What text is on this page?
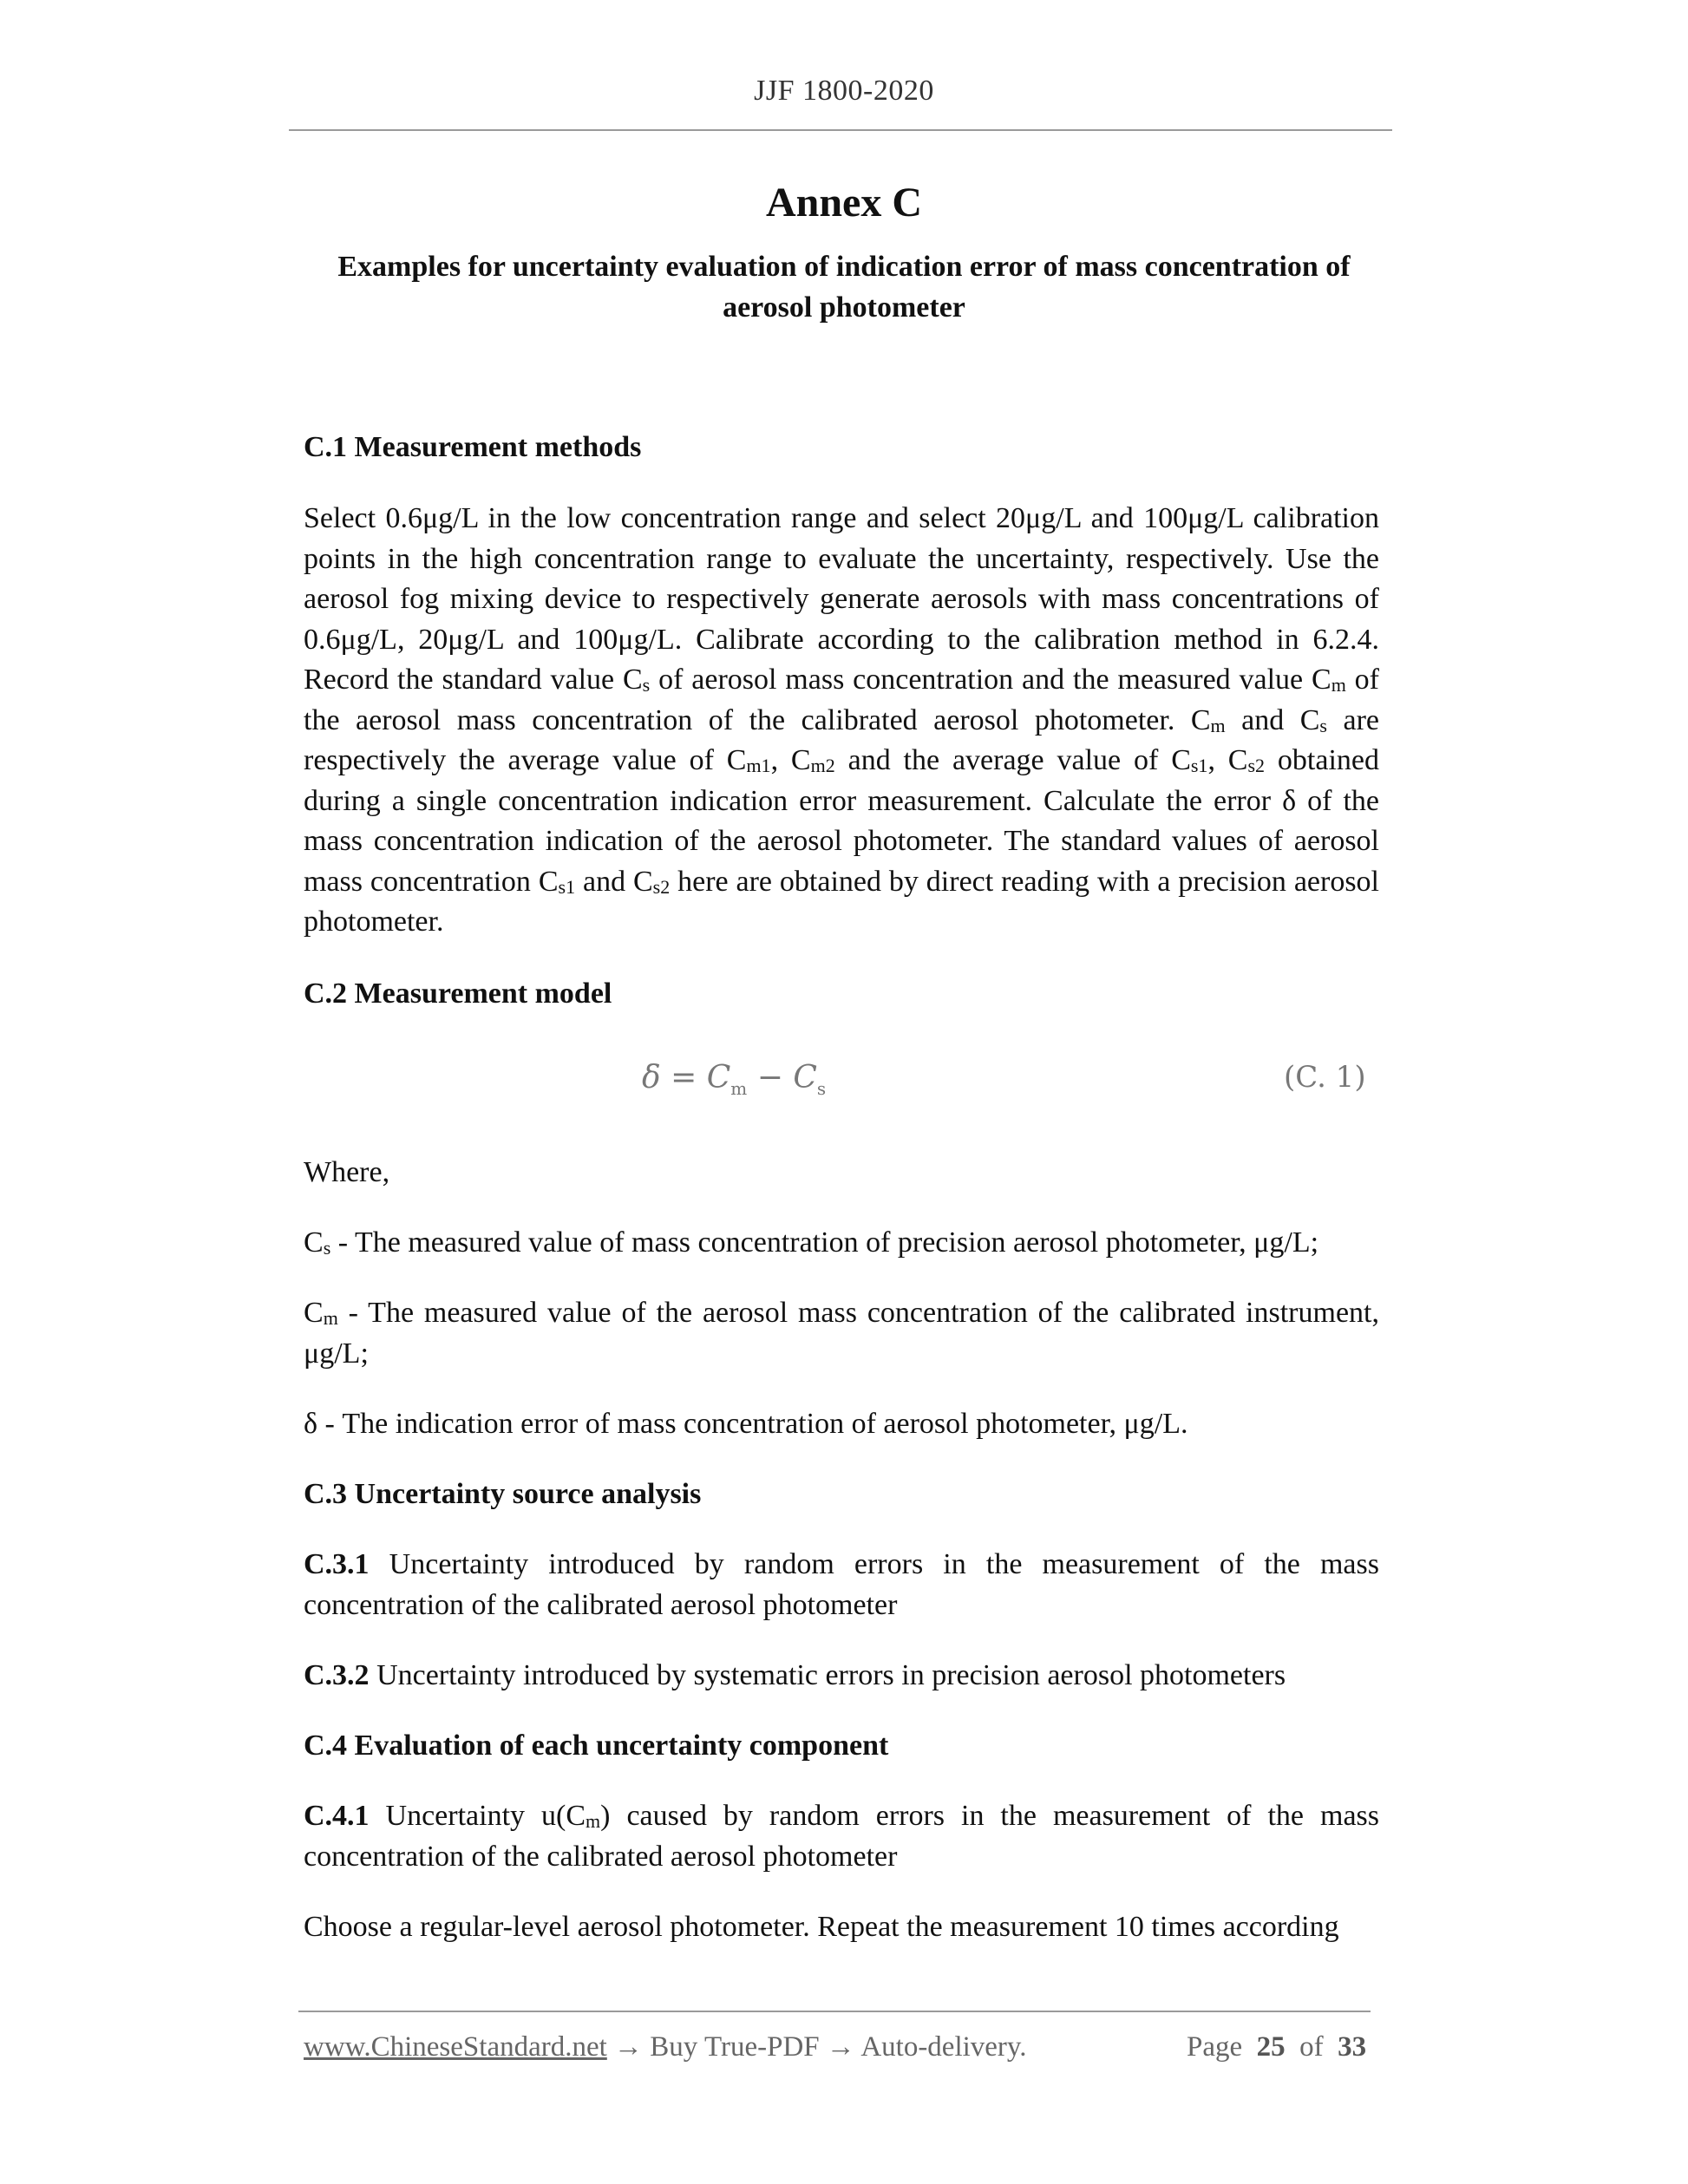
JJF 1800-2020
Annex C
Examples for uncertainty evaluation of indication error of mass concentration of aerosol photometer

C.1 Measurement methods

Select 0.6μg/L in the low concentration range and select 20μg/L and 100μg/L calibration points in the high concentration range to evaluate the uncertainty, respectively. Use the aerosol fog mixing device to respectively generate aerosols with mass concentrations of 0.6μg/L, 20μg/L and 100μg/L. Calibrate according to the calibration method in 6.2.4. Record the standard value $C_s$ of aerosol mass concentration and the measured value $C_m$ of the aerosol mass concentration of the calibrated aerosol photometer. $C_m$ and $C_s$ are respectively the average value of $C_{m1}$, $C_{m2}$ and the average value of $C_{s1}$, $C_{s2}$ obtained during a single concentration indication error measurement. Calculate the error δ of the mass concentration indication of the aerosol photometer. The standard values of aerosol mass concentration $C_{s1}$ and $C_{s2}$ here are obtained by direct reading with a precision aerosol photometer.

C.2 Measurement model

$\delta = C_m - C_s$	(C. 1)

Where,

$C_s$ - The measured value of mass concentration of precision aerosol photometer, μg/L;

$C_m$ - The measured value of the aerosol mass concentration of the calibrated instrument, μg/L;

δ - The indication error of mass concentration of aerosol photometer, μg/L.

C.3 Uncertainty source analysis

C.3.1 Uncertainty introduced by random errors in the measurement of the mass concentration of the calibrated aerosol photometer

C.3.2 Uncertainty introduced by systematic errors in precision aerosol photometers

C.4 Evaluation of each uncertainty component

C.4.1 Uncertainty $u(C_m)$ caused by random errors in the measurement of the mass concentration of the calibrated aerosol photometer

Choose a regular-level aerosol photometer. Repeat the measurement 10 times according

www.ChineseStandard.net → Buy True-PDF → Auto-delivery.	Page 25 of 33
